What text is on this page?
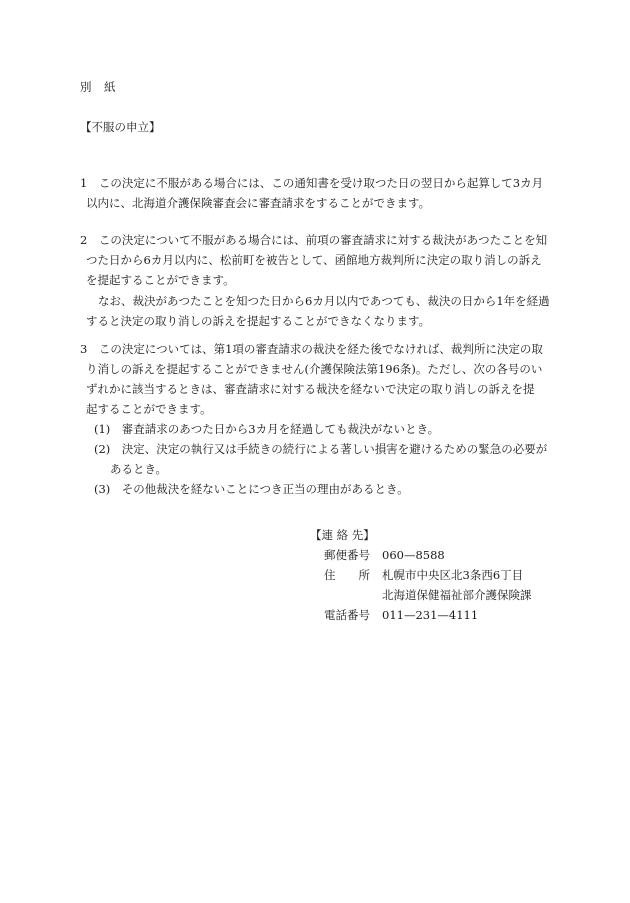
別　紙
【不服の申立】
1　この決定に不服がある場合には、この通知書を受け取つた日の翌日から起算して3カ月
以内に、北海道介護保険審査会に審査請求をすることができます。
2　この決定について不服がある場合には、前項の審査請求に対する裁決があつたことを知
つた日から6カ月以内に、松前町を被告として、函館地方裁判所に決定の取り消しの訴え
を提起することができます。
なお、裁決があつたことを知つた日から6カ月以内であつても、裁決の日から1年を経過
すると決定の取り消しの訴えを提起することができなくなります。
3　この決定については、第1項の審査請求の裁決を経た後でなければ、裁判所に決定の取
り消しの訴えを提起することができません(介護保険法第196条)。ただし、次の各号のい
ずれかに該当するときは、審査請求に対する裁決を経ないで決定の取り消しの訴えを提
起することができます。
(1)　審査請求のあつた日から3カ月を経過しても裁決がないとき。
(2)　決定、決定の執行又は手続きの続行による著しい損害を避けるための緊急の必要が
あるとき。
(3)　その他裁決を経ないことにつき正当の理由があるとき。
【連 絡 先】
郵便番号 060—8588
住　　所 札幌市中央区北3条西6丁目
北海道保健福祉部介護保険課
電話番号 011—231—4111
